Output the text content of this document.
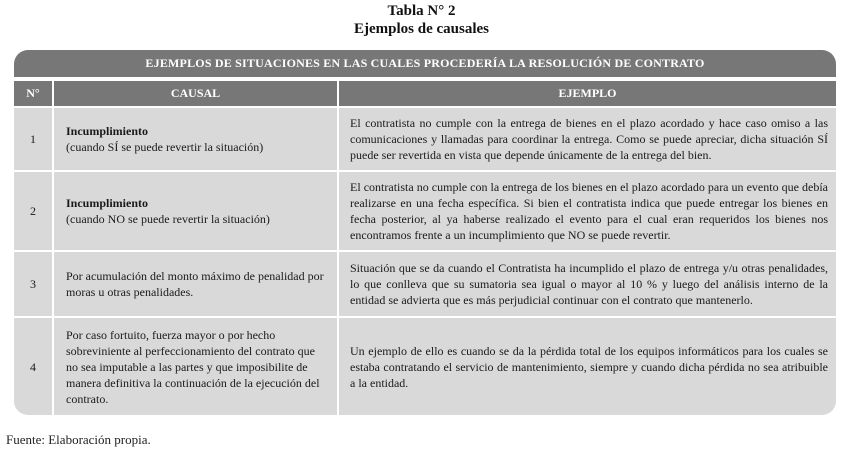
Tabla N° 2
Ejemplos de causales
EJEMPLOS DE SITUACIONES EN LAS CUALES PROCEDERÍA LA RESOLUCIÓN DE CONTRATO
N°	CAUSAL	EJEMPLO
1
Incumplimiento
(cuando SÍ se puede revertir la situación)
El contratista no cumple con la entrega de bienes en el plazo acordado y hace caso omiso a las comunicaciones y llamadas para coordinar la entrega. Como se puede apreciar, dicha situación SÍ puede ser revertida en vista que depende únicamente de la entrega del bien.
2
Incumplimiento
(cuando NO se puede revertir la situación)
El contratista no cumple con la entrega de los bienes en el plazo acordado para un evento que debía realizarse en una fecha específica. Si bien el contratista indica que puede entregar los bienes en fecha posterior, al ya haberse realizado el evento para el cual eran requeridos los bienes nos encontramos frente a un incumplimiento que NO se puede revertir.
3
Por acumulación del monto máximo de penalidad por moras u otras penalidades.
Situación que se da cuando el Contratista ha incumplido el plazo de entrega y/u otras penalidades, lo que conlleva que su sumatoria sea igual o mayor al 10 % y luego del análisis interno de la entidad se advierta que es más perjudicial continuar con el contrato que mantenerlo.
4
Por caso fortuito, fuerza mayor o por hecho sobreviniente al perfeccionamiento del contrato que no sea imputable a las partes y que imposibilite de manera definitiva la continuación de la ejecución del contrato.
Un ejemplo de ello es cuando se da la pérdida total de los equipos informáticos para los cuales se estaba contratando el servicio de mantenimiento, siempre y cuando dicha pérdida no sea atribuible a la entidad.
Fuente: Elaboración propia.
